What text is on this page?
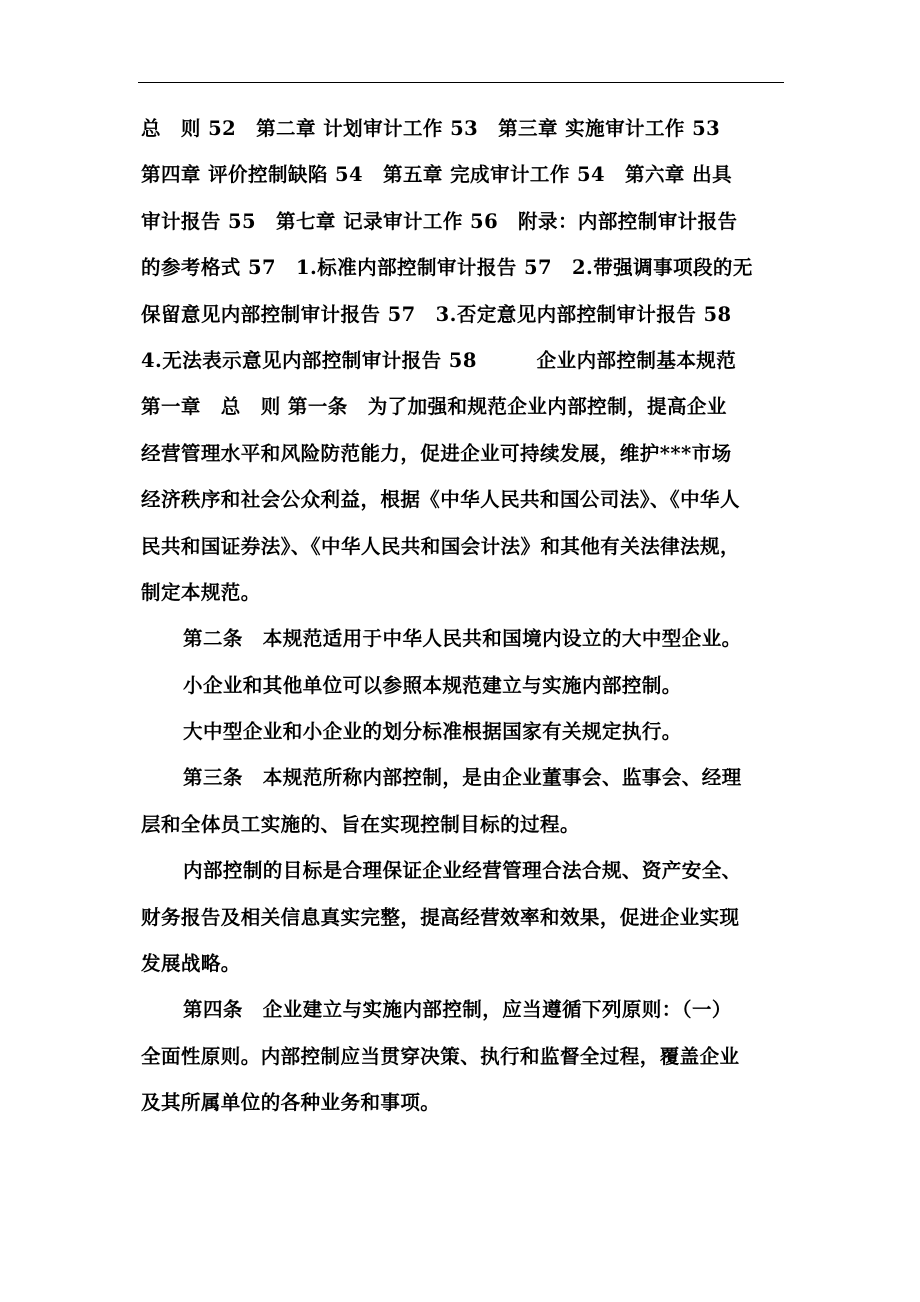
总　则 52　第二章 计划审计工作 53　第三章 实施审计工作 53
第四章 评价控制缺陷 54　第五章 完成审计工作 54　第六章 出具
审计报告 55　第七章 记录审计工作 56　附录：内部控制审计报告
的参考格式 57　1.标准内部控制审计报告 57　2.带强调事项段的无
保留意见内部控制审计报告 57　3.否定意见内部控制审计报告 58
4.无法表示意见内部控制审计报告 58　　　企业内部控制基本规范
第一章　总　则 第一条　为了加强和规范企业内部控制，提高企业
经营管理水平和风险防范能力，促进企业可持续发展，维护***市场
经济秩序和社会公众利益，根据《中华人民共和国公司法》、《中华人
民共和国证券法》、《中华人民共和国会计法》和其他有关法律法规，
制定本规范。
第二条　本规范适用于中华人民共和国境内设立的大中型企业。
小企业和其他单位可以参照本规范建立与实施内部控制。
大中型企业和小企业的划分标准根据国家有关规定执行。
第三条　本规范所称内部控制，是由企业董事会、监事会、经理
层和全体员工实施的、旨在实现控制目标的过程。
内部控制的目标是合理保证企业经营管理合法合规、资产安全、
财务报告及相关信息真实完整，提高经营效率和效果，促进企业实现
发展战略。
第四条　企业建立与实施内部控制，应当遵循下列原则：（一）
全面性原则。内部控制应当贯穿决策、执行和监督全过程，覆盖企业
及其所属单位的各种业务和事项。
